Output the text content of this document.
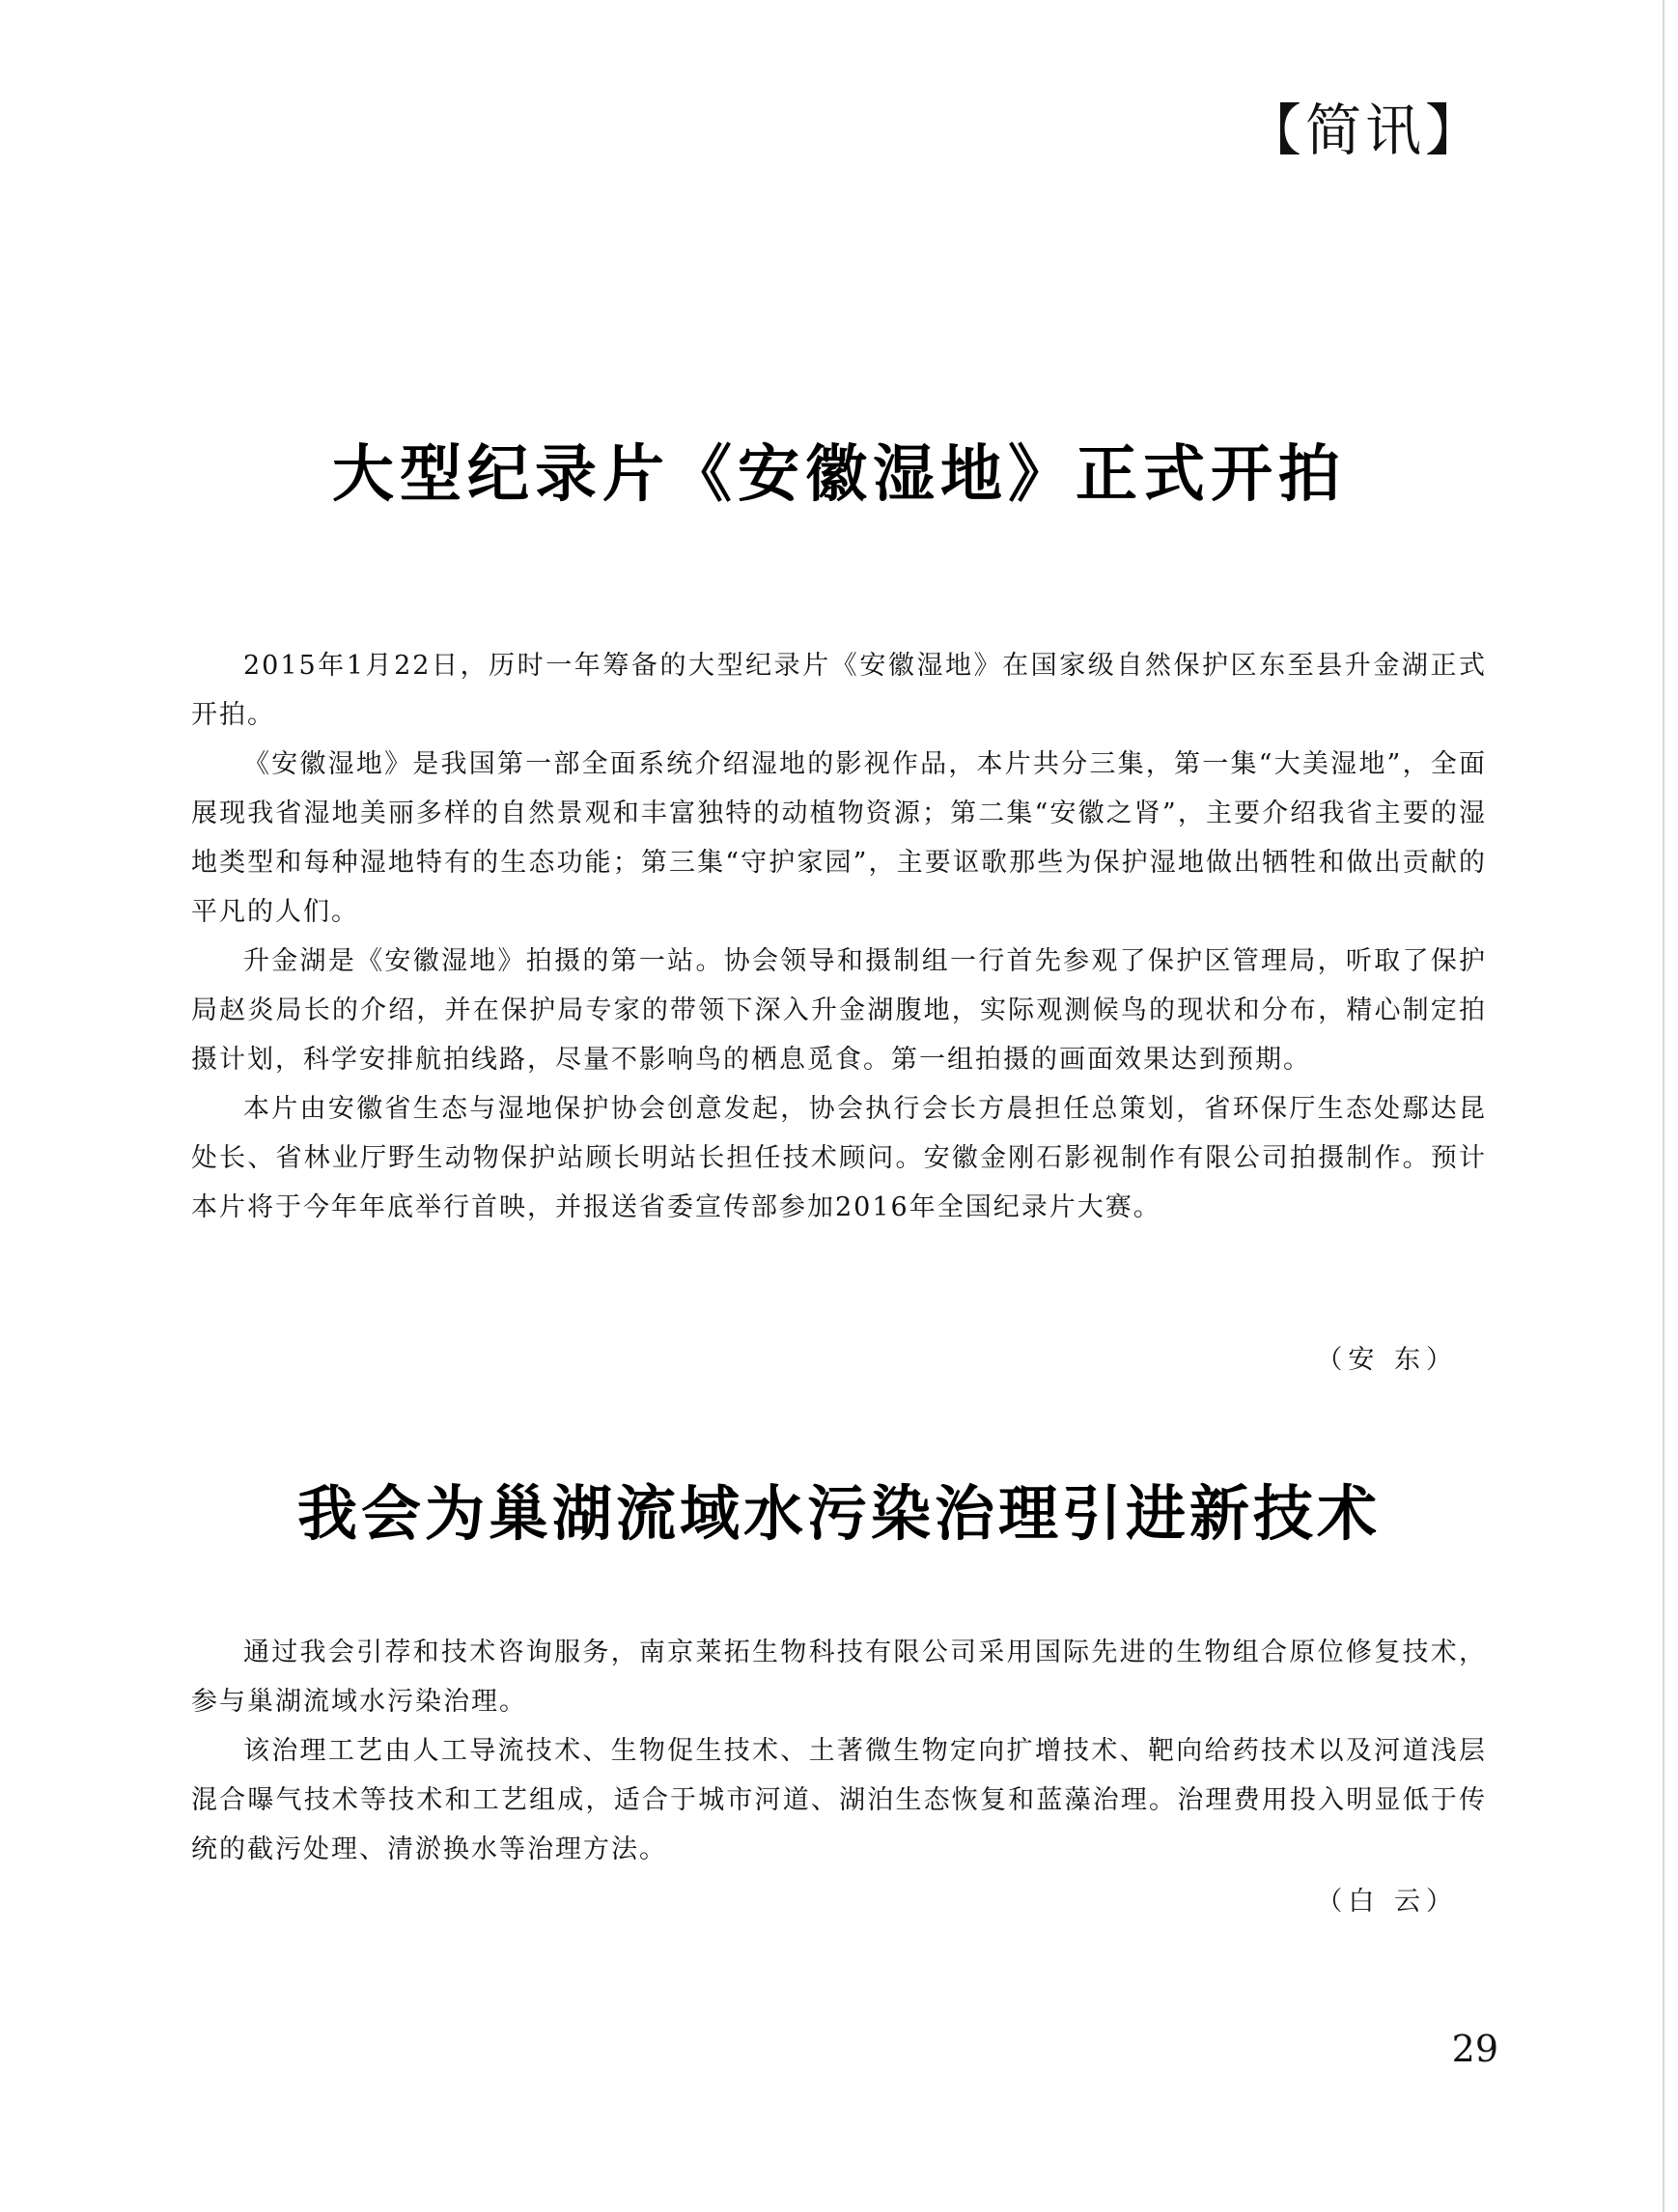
【简讯】
大型纪录片《安徽湿地》正式开拍

2015年1月22日，历时一年筹备的大型纪录片《安徽湿地》在国家级自然保护区东至县升金湖正式开拍。

《安徽湿地》是我国第一部全面系统介绍湿地的影视作品，本片共分三集，第一集“大美湿地”，全面展现我省湿地美丽多样的自然景观和丰富独特的动植物资源；第二集“安徽之肾”，主要介绍我省主要的湿地类型和每种湿地特有的生态功能；第三集“守护家园”，主要讴歌那些为保护湿地做出牺牲和做出贡献的平凡的人们。

升金湖是《安徽湿地》拍摄的第一站。协会领导和摄制组一行首先参观了保护区管理局，听取了保护局赵炎局长的介绍，并在保护局专家的带领下深入升金湖腹地，实际观测候鸟的现状和分布，精心制定拍摄计划，科学安排航拍线路，尽量不影响鸟的栖息觅食。第一组拍摄的画面效果达到预期。

本片由安徽省生态与湿地保护协会创意发起，协会执行会长方晨担任总策划，省环保厅生态处鄢达昆处长、省林业厅野生动物保护站顾长明站长担任技术顾问。安徽金刚石影视制作有限公司拍摄制作。预计本片将于今年年底举行首映，并报送省委宣传部参加2016年全国纪录片大赛。

（安 东）
我会为巢湖流域水污染治理引进新技术

通过我会引荐和技术咨询服务，南京莱拓生物科技有限公司采用国际先进的生物组合原位修复技术，参与巢湖流域水污染治理。

该治理工艺由人工导流技术、生物促生技术、土著微生物定向扩增技术、靶向给药技术以及河道浅层混合曝气技术等技术和工艺组成，适合于城市河道、湖泊生态恢复和蓝藻治理。治理费用投入明显低于传统的截污处理、清淤换水等治理方法。

（白 云）
29
